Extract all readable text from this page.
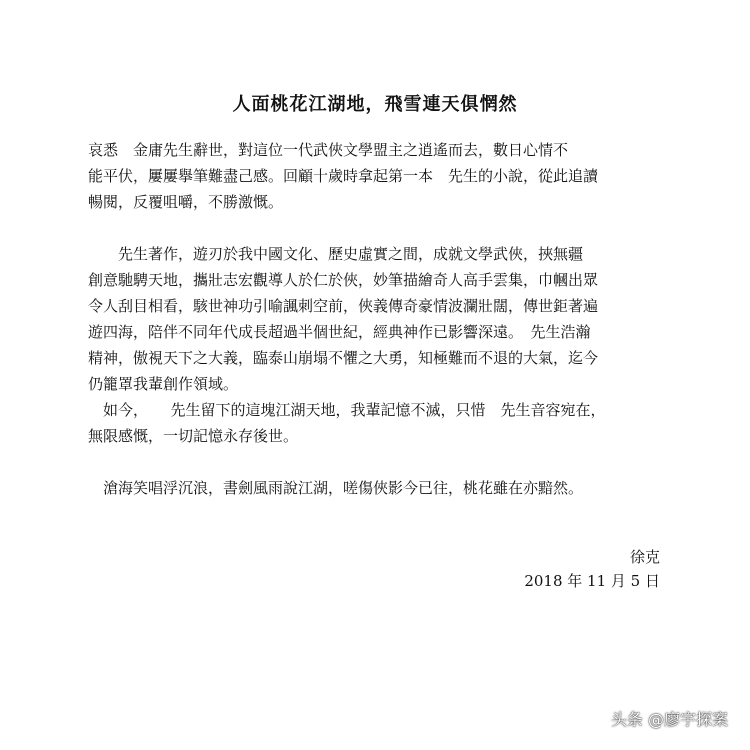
人面桃花江湖地，飛雪連天俱惘然
哀悉　金庸先生辭世，對這位一代武俠文學盟主之逍遙而去，數日心情不
能平伏，屢屢擧筆難盡己感。回顧十歲時拿起第一本　先生的小說，從此追讀
暢閱，反覆咀嚼，不勝激慨。
　　先生著作，遊刃於我中國文化、歷史虛實之間，成就文學武俠，挾無疆
創意馳騁天地，攜壯志宏觀導人於仁於俠，妙筆描繪奇人高手雲集，巾幗出眾
令人刮目相看，駭世神功引喻諷刺空前，俠義傳奇豪情波瀾壯闊，傳世鉅著遍
遊四海，陪伴不同年代成長超過半個世紀，經典神作已影響深遠。　先生浩瀚
精神，傲視天下之大義，臨泰山崩塌不懼之大勇，知極難而不退的大氣，迄今
仍籠罩我輩創作領域。
　如今，　　先生留下的這塊江湖天地，我輩記憶不滅，只惜　先生音容宛在，
無限感慨，一切記憶永存後世。
　滄海笑唱浮沉浪，書劍風雨說江湖，嗟傷俠影今已往，桃花雖在亦黯然。
徐克
2018 年 11 月 5 日
头条 @廖宇探案
